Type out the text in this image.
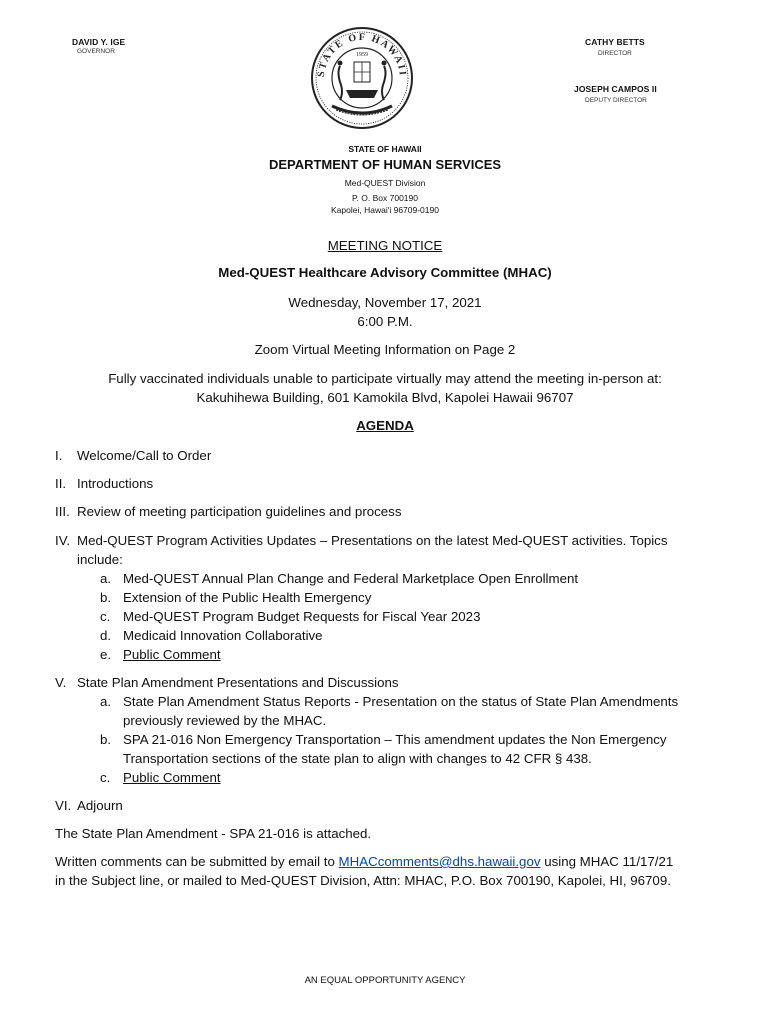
DAVID Y. IGE
GOVERNOR
CATHY BETTS
DIRECTOR
JOSEPH CAMPOS II
DEPUTY DIRECTOR
STATE OF HAWAII
1959
STATE OF HAWAII
DEPARTMENT OF HUMAN SERVICES
Med-QUEST Division
P. O. Box 700190
Kapolei, Hawai'i 96709-0190
MEETING NOTICE
Med-QUEST Healthcare Advisory Committee (MHAC)
Wednesday, November 17, 2021
6:00 P.M.
Zoom Virtual Meeting Information on Page 2
Fully vaccinated individuals unable to participate virtually may attend the meeting in-person at:
Kakuhihewa Building, 601 Kamokila Blvd, Kapolei Hawaii 96707
AGENDA
I. Welcome/Call to Order
II. Introductions
III. Review of meeting participation guidelines and process
IV. Med-QUEST Program Activities Updates – Presentations on the latest Med-QUEST activities. Topics
include:
a. Med-QUEST Annual Plan Change and Federal Marketplace Open Enrollment
b. Extension of the Public Health Emergency
c. Med-QUEST Program Budget Requests for Fiscal Year 2023
d. Medicaid Innovation Collaborative
e. Public Comment
V. State Plan Amendment Presentations and Discussions
a. State Plan Amendment Status Reports - Presentation on the status of State Plan Amendments
previously reviewed by the MHAC.
b. SPA 21-016 Non Emergency Transportation – This amendment updates the Non Emergency
Transportation sections of the state plan to align with changes to 42 CFR § 438.
c. Public Comment
VI. Adjourn
The State Plan Amendment - SPA 21-016 is attached.
Written comments can be submitted by email to MHACcomments@dhs.hawaii.gov using MHAC 11/17/21
in the Subject line, or mailed to Med-QUEST Division, Attn: MHAC, P.O. Box 700190, Kapolei, HI, 96709.
AN EQUAL OPPORTUNITY AGENCY
